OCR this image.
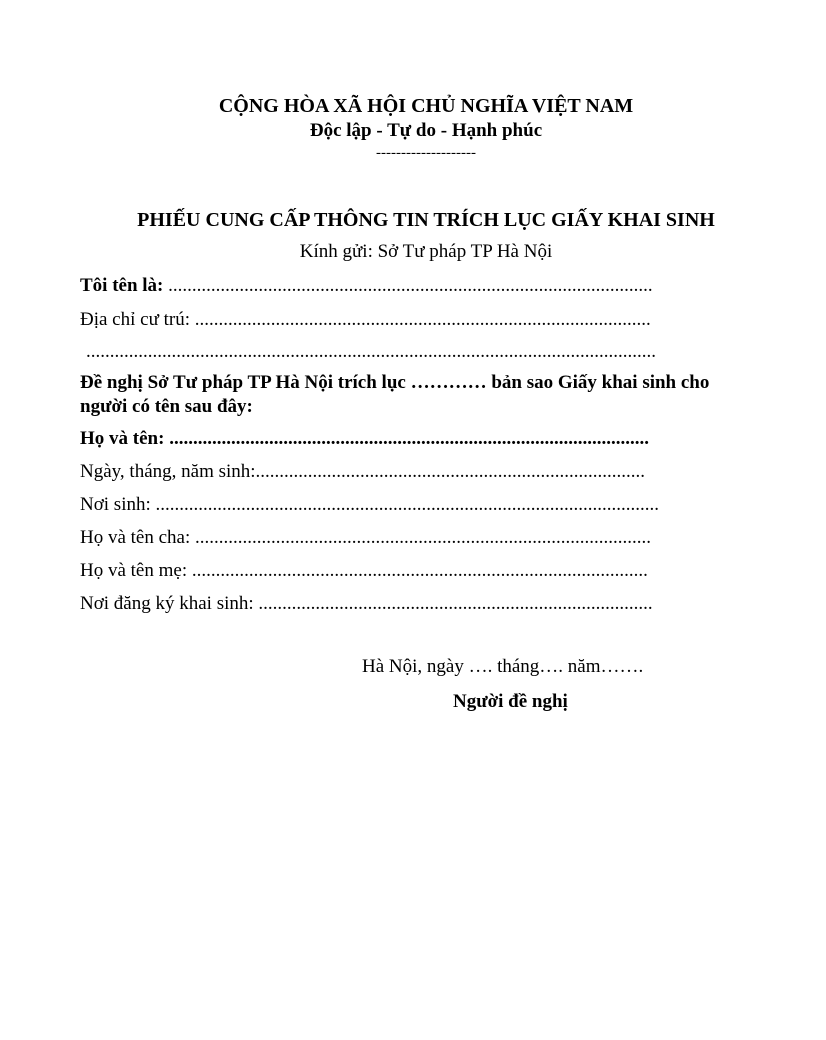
CỘNG HÒA XÃ HỘI CHỦ NGHĨA VIỆT NAM
Độc lập - Tự do - Hạnh phúc
--------------------
PHIẾU CUNG CẤP THÔNG TIN TRÍCH LỤC GIẤY KHAI SINH
Kính gửi: Sở Tư pháp TP Hà Nội
Tôi tên là: ......................................................................................................
Địa chỉ cư trú: ................................................................................................
........................................................................................................................
Đề nghị Sở Tư pháp TP Hà Nội trích lục ………… bản sao Giấy khai sinh cho
người có tên sau đây:
Họ và tên: .....................................................................................................
Ngày, tháng, năm sinh:..................................................................................
Nơi sinh: ..........................................................................................................
Họ và tên cha: ................................................................................................
Họ và tên mẹ: ................................................................................................
Nơi đăng ký khai sinh: ...................................................................................
Hà Nội, ngày …. tháng…. năm…….
Người đề nghị
